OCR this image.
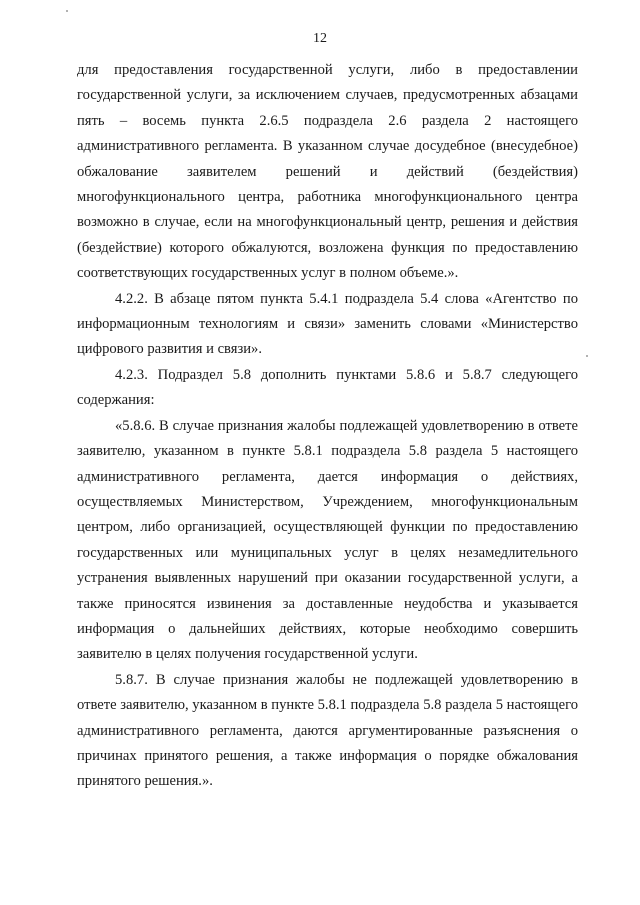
12

для предоставления государственной услуги, либо в предоставлении государственной услуги, за исключением случаев, предусмотренных абзацами пять – восемь пункта 2.6.5 подраздела 2.6 раздела 2 настоящего административного регламента. В указанном случае досудебное (внесудебное) обжалование заявителем решений и действий (бездействия) многофункционального центра, работника многофункционального центра возможно в случае, если на многофункциональный центр, решения и действия (бездействие) которого обжалуются, возложена функция по предоставлению соответствующих государственных услуг в полном объеме.».

4.2.2. В абзаце пятом пункта 5.4.1 подраздела 5.4 слова «Агентство по информационным технологиям и связи» заменить словами «Министерство цифрового развития и связи».

4.2.3. Подраздел 5.8 дополнить пунктами 5.8.6 и 5.8.7 следующего содержания:

«5.8.6. В случае признания жалобы подлежащей удовлетворению в ответе заявителю, указанном в пункте 5.8.1 подраздела 5.8 раздела 5 настоящего административного регламента, дается информация о действиях, осуществляемых Министерством, Учреждением, многофункциональным центром, либо организацией, осуществляющей функции по предоставлению государственных или муниципальных услуг в целях незамедлительного устранения выявленных нарушений при оказании государственной услуги, а также приносятся извинения за доставленные неудобства и указывается информация о дальнейших действиях, которые необходимо совершить заявителю в целях получения государственной услуги.

5.8.7. В случае признания жалобы не подлежащей удовлетворению в ответе заявителю, указанном в пункте 5.8.1 подраздела 5.8 раздела 5 настоящего административного регламента, даются аргументированные разъяснения о причинах принятого решения, а также информация о порядке обжалования принятого решения.».
